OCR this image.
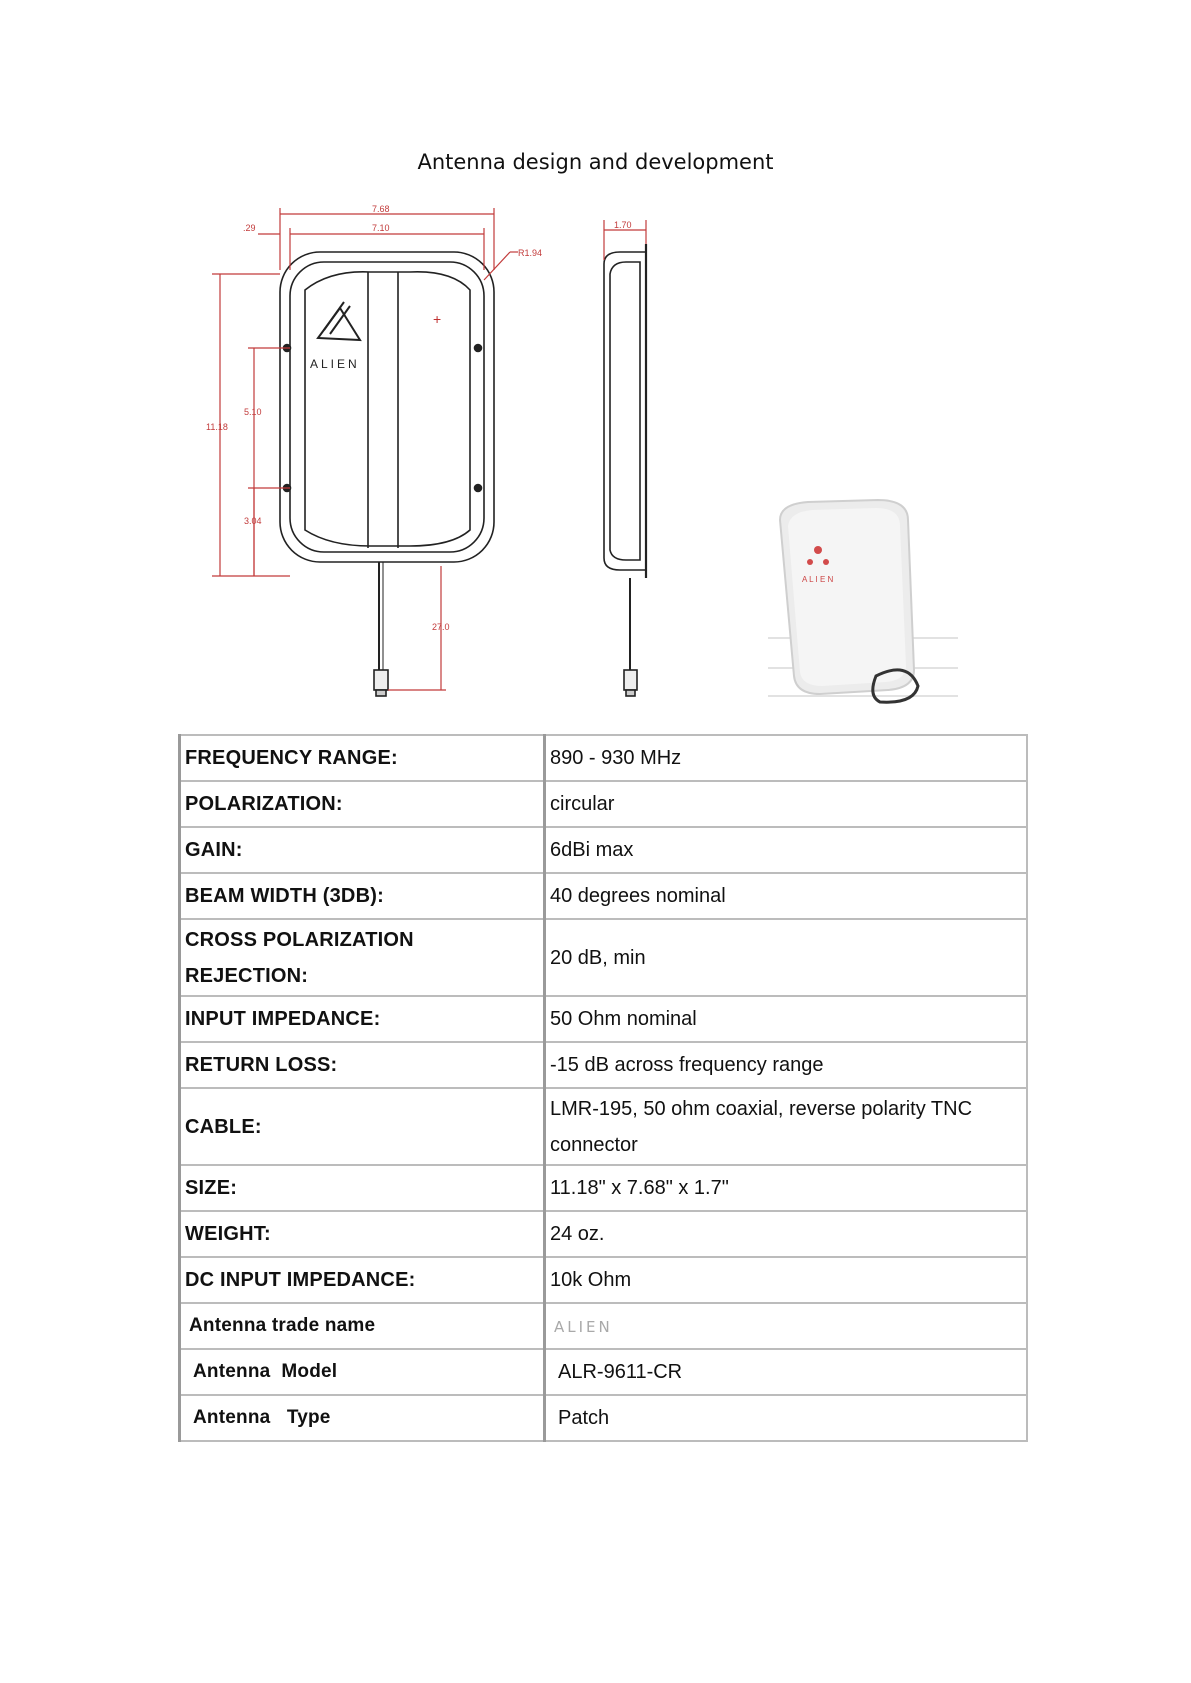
Antenna design and development
ALIEN
+
7.68
7.10
.29
R1.94
11.18
5.10
3.04
27.0
1.70
A L I E N
FREQUENCY RANGE:	890 - 930 MHz
POLARIZATION:	circular
GAIN:	6dBi max
BEAM WIDTH (3DB):	40 degrees nominal
CROSS POLARIZATION REJECTION:	20 dB, min
INPUT IMPEDANCE:	50 Ohm nominal
RETURN LOSS:	-15 dB across frequency range
CABLE:	LMR-195, 50 ohm coaxial, reverse polarity TNC connector
SIZE:	11.18" x 7.68" x 1.7"
WEIGHT:	24 oz.
DC INPUT IMPEDANCE:	10k Ohm
Antenna trade name	ALIEN
Antenna  Model	ALR-9611-CR
Antenna   Type	Patch
